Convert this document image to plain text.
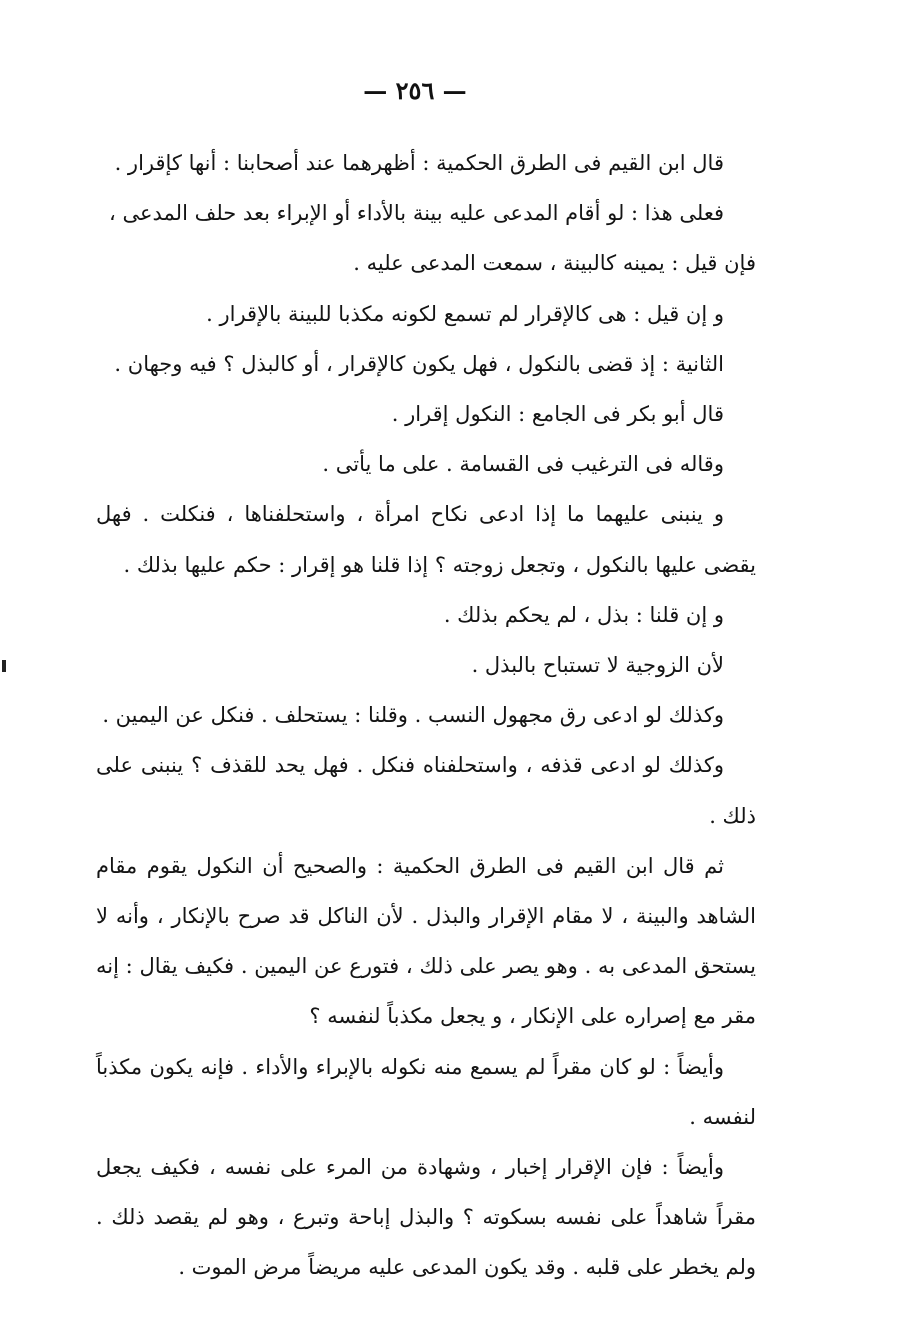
— ٢٥٦ —

قال ابن القيم فى الطرق الحكمية : أظهرهما عند أصحابنا : أنها كإقرار .

فعلى هذا : لو أقام المدعى عليه بينة بالأداء أو الإبراء بعد حلف المدعى ،

فإن قيل : يمينه كالبينة ، سمعت المدعى عليه .

و إن قيل : هى كالإقرار لم تسمع لكونه مكذبا للبينة بالإقرار .

الثانية : إذ قضى بالنكول ، فهل يكون كالإقرار ، أو كالبذل ؟ فيه وجهان .

قال أبو بكر فى الجامع : النكول إقرار .

وقاله فى الترغيب فى القسامة . على ما يأتى .

و ينبنى عليهما ما إذا ادعى نكاح امرأة ، واستحلفناها ، فنكلت . فهل يقضى عليها بالنكول ، وتجعل زوجته ؟ إذا قلنا هو إقرار : حكم عليها بذلك .

و إن قلنا : بذل ، لم يحكم بذلك .

لأن الزوجية لا تستباح بالبذل .

وكذلك لو ادعى رق مجهول النسب . وقلنا : يستحلف . فنكل عن اليمين .

وكذلك لو ادعى قذفه ، واستحلفناه فنكل . فهل يحد للقذف ؟ ينبنى على ذلك .

ثم قال ابن القيم فى الطرق الحكمية : والصحيح أن النكول يقوم مقام الشاهد والبينة ، لا مقام الإقرار والبذل . لأن الناكل قد صرح بالإنكار ، وأنه لا يستحق المدعى به . وهو يصر على ذلك ، فتورع عن اليمين . فكيف يقال : إنه مقر مع إصراره على الإنكار ، و يجعل مكذباً لنفسه ؟

وأيضاً : لو كان مقراً لم يسمع منه نكوله بالإبراء والأداء . فإنه يكون مكذباً لنفسه .

وأيضاً : فإن الإقرار إخبار ، وشهادة من المرء على نفسه ، فكيف يجعل مقراً شاهداً على نفسه بسكوته ؟ والبذل إباحة وتبرع ، وهو لم يقصد ذلك . ولم يخطر على قلبه . وقد يكون المدعى عليه مريضاً مرض الموت .
